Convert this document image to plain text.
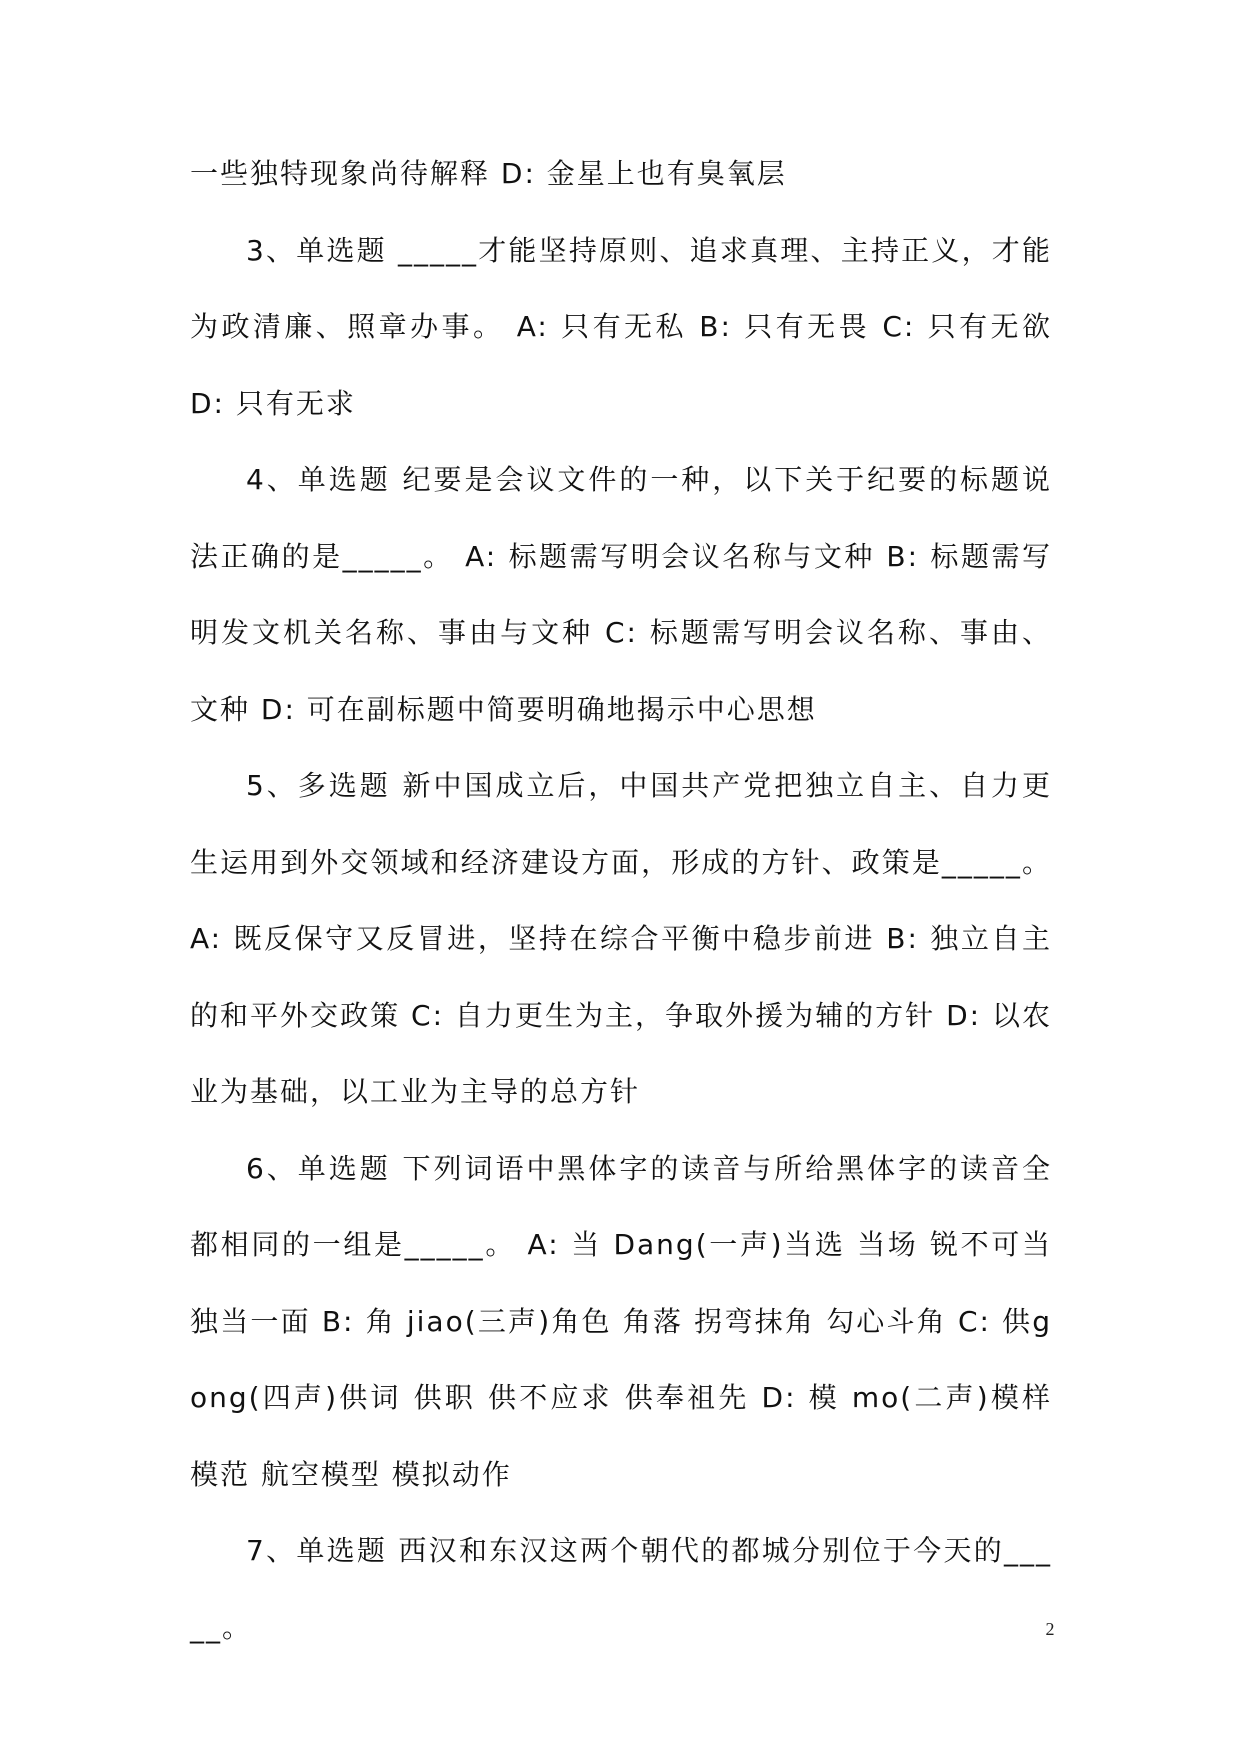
一些独特现象尚待解释 D: 金星上也有臭氧层

3、单选题 _____才能坚持原则、追求真理、主持正义，才能为政清廉、照章办事。 A: 只有无私 B: 只有无畏 C: 只有无欲 D: 只有无求

4、单选题 纪要是会议文件的一种，以下关于纪要的标题说法正确的是_____。 A: 标题需写明会议名称与文种 B: 标题需写明发文机关名称、事由与文种 C: 标题需写明会议名称、事由、文种 D: 可在副标题中简要明确地揭示中心思想

5、多选题 新中国成立后，中国共产党把独立自主、自力更生运用到外交领域和经济建设方面，形成的方针、政策是_____。 A: 既反保守又反冒进，坚持在综合平衡中稳步前进 B: 独立自主的和平外交政策 C: 自力更生为主，争取外援为辅的方针 D: 以农业为基础，以工业为主导的总方针

6、单选题 下列词语中黑体字的读音与所给黑体字的读音全都相同的一组是_____。 A: 当 Dang(一声)当选 当场 锐不可当 独当一面 B: 角 jiao(三声)角色 角落 拐弯抹角 勾心斗角 C: 供gong(四声)供词 供职 供不应求 供奉祖先 D: 模 mo(二声)模样 模范 航空模型 模拟动作

7、单选题 西汉和东汉这两个朝代的都城分别位于今天的_____。	2
